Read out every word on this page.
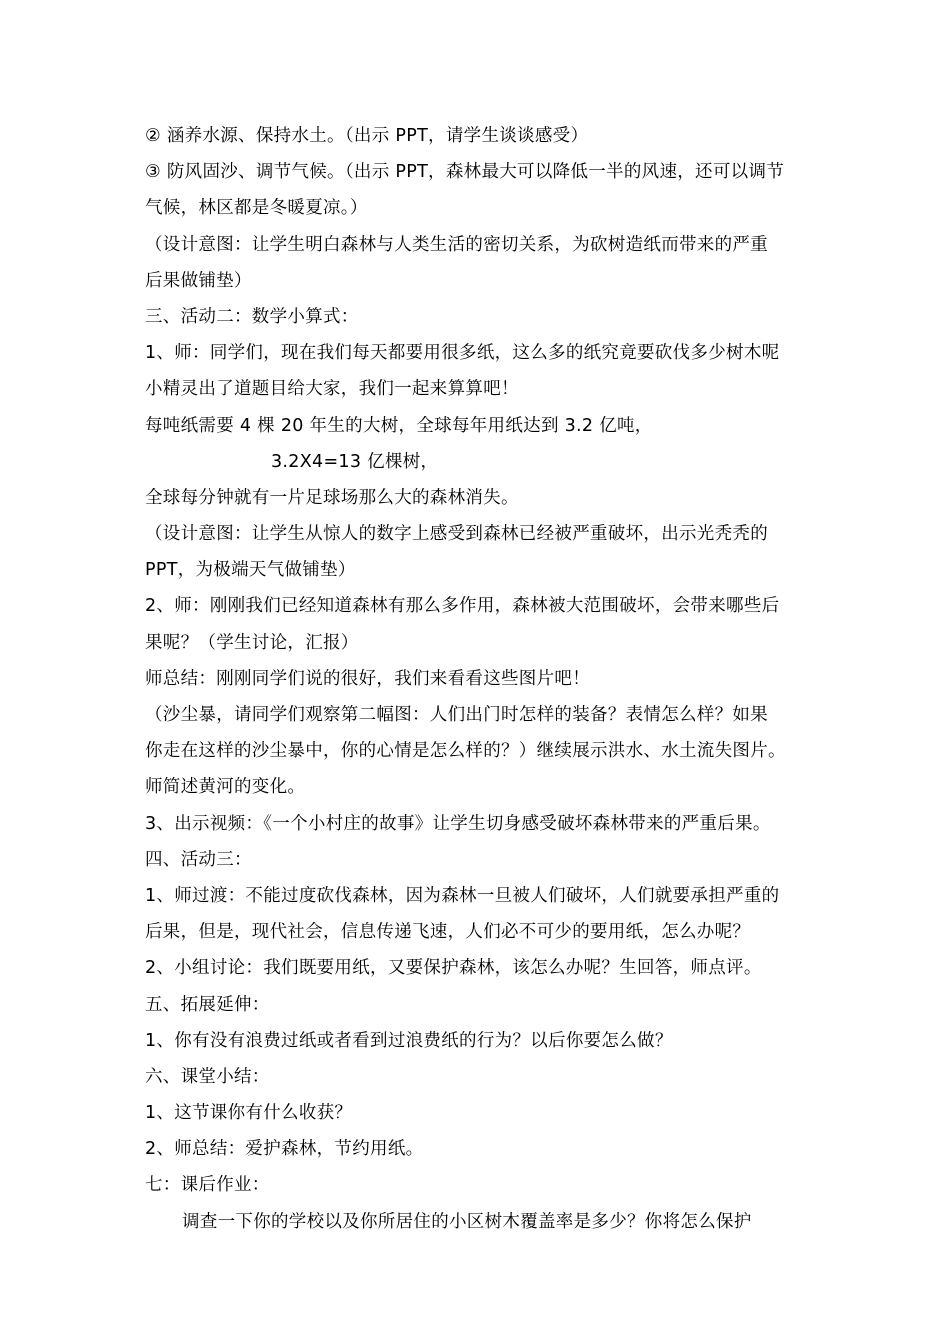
② 涵养水源、保持水土。（出示 PPT，请学生谈谈感受）
③ 防风固沙、调节气候。（出示 PPT，森林最大可以降低一半的风速，还可以调节
气候，林区都是冬暖夏凉。）
（设计意图：让学生明白森林与人类生活的密切关系，为砍树造纸而带来的严重
后果做铺垫）
三、活动二：数学小算式：
1、师：同学们，现在我们每天都要用很多纸，这么多的纸究竟要砍伐多少树木呢
小精灵出了道题目给大家，我们一起来算算吧！
每吨纸需要 4 棵 20 年生的大树，全球每年用纸达到 3.2 亿吨，
3.2X4=13 亿棵树，
全球每分钟就有一片足球场那么大的森林消失。
（设计意图：让学生从惊人的数字上感受到森林已经被严重破坏，出示光秃秃的
PPT，为极端天气做铺垫）
2、师：刚刚我们已经知道森林有那么多作用，森林被大范围破坏，会带来哪些后
果呢？（学生讨论，汇报）
师总结：刚刚同学们说的很好，我们来看看这些图片吧！
（沙尘暴，请同学们观察第二幅图：人们出门时怎样的装备？表情怎么样？如果
你走在这样的沙尘暴中，你的心情是怎么样的？）继续展示洪水、水土流失图片。
师简述黄河的变化。
3、出示视频：《一个小村庄的故事》让学生切身感受破坏森林带来的严重后果。
四、活动三：
1、师过渡：不能过度砍伐森林，因为森林一旦被人们破坏，人们就要承担严重的
后果，但是，现代社会，信息传递飞速，人们必不可少的要用纸，怎么办呢？
2、小组讨论：我们既要用纸，又要保护森林，该怎么办呢？生回答，师点评。
五、拓展延伸：
1、你有没有浪费过纸或者看到过浪费纸的行为？以后你要怎么做？
六、课堂小结：
1、这节课你有什么收获？
2、师总结：爱护森林，节约用纸。
七：课后作业：
调查一下你的学校以及你所居住的小区树木覆盖率是多少？你将怎么保护
